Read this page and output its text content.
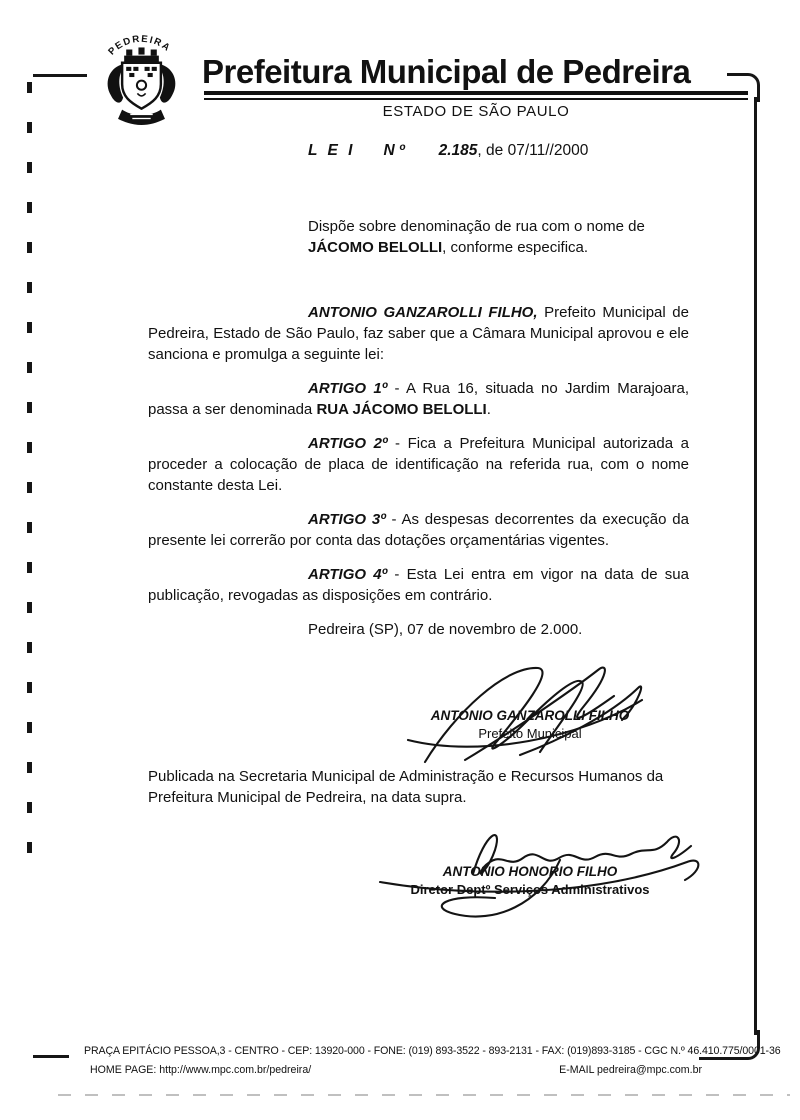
PEDREIRA
Prefeitura Municipal de Pedreira
ESTADO DE SÃO PAULO
L E I N º 2.185, de 07/11//2000
Dispõe sobre denominação de rua com o nome de JÁCOMO BELOLLI, conforme especifica.

ANTONIO GANZAROLLI FILHO, Prefeito Municipal de Pedreira, Estado de São Paulo, faz saber que a Câmara Municipal aprovou e ele sanciona e promulga a seguinte lei:

ARTIGO 1º - A Rua 16, situada no Jardim Marajoara, passa a ser denominada RUA JÁCOMO BELOLLI.

ARTIGO 2º - Fica a Prefeitura Municipal autorizada a proceder a colocação de placa de identificação na referida rua, com o nome constante desta Lei.

ARTIGO 3º - As despesas decorrentes da execução da presente lei correrão por conta das dotações orçamentárias vigentes.

ARTIGO 4º - Esta Lei entra em vigor na data de sua publicação, revogadas as disposições em contrário.

Pedreira (SP), 07 de novembro de 2.000.

ANTONIO GANZAROLLI FILHO
Prefeito Municipal
Publicada na Secretaria Municipal de Administração e Recursos Humanos da Prefeitura Municipal de Pedreira, na data supra.
ANTONIO HONORIO FILHO
Diretor Deptº Serviços Administrativos
PRAÇA EPITÁCIO PESSOA,3 - CENTRO - CEP: 13920-000 - FONE: (019) 893-3522 - 893-2131 - FAX: (019)893-3185 - CGC N.º 46.410.775/0001-36
HOME PAGE: http://www.mpc.com.br/pedreira/	E-MAIL pedreira@mpc.com.br
